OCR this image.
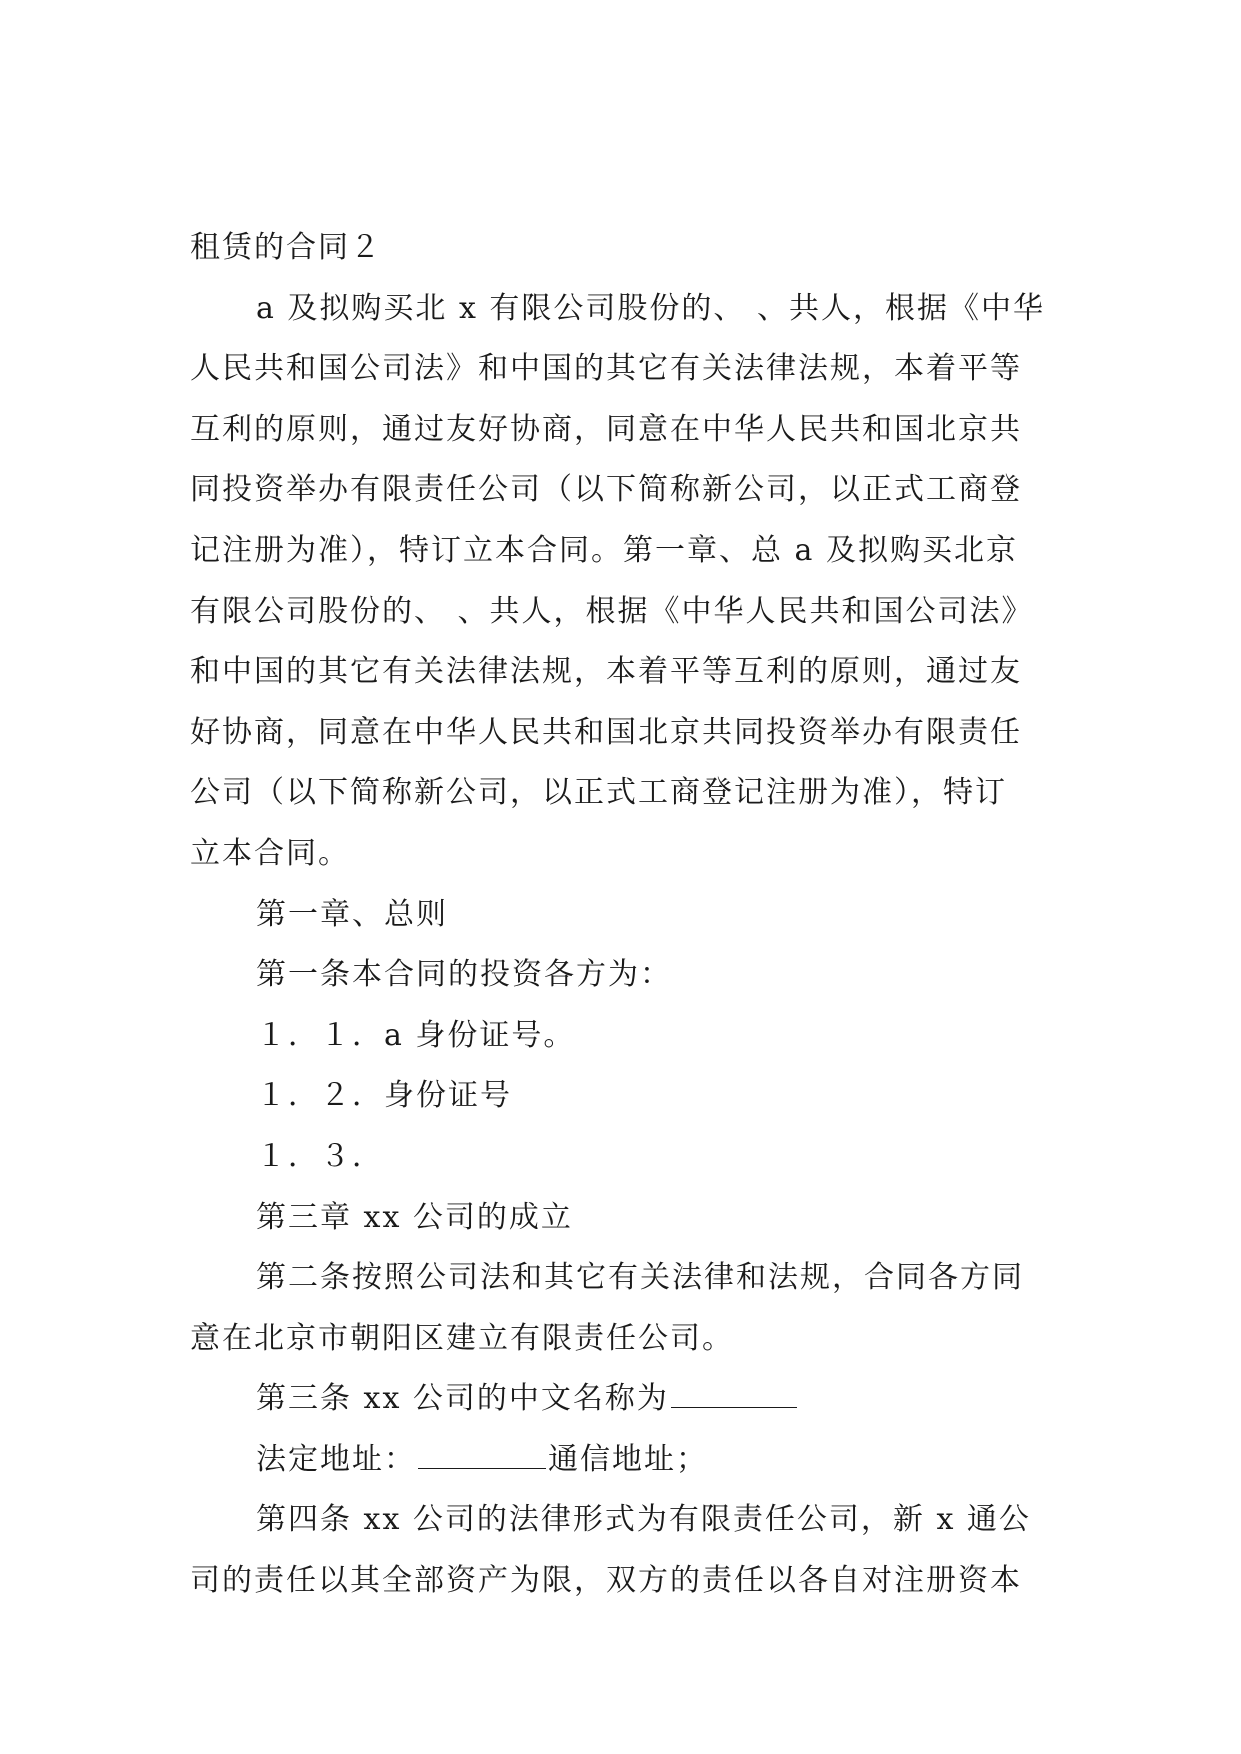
租赁的合同２
a 及拟购买北 x 有限公司股份的、 、共人，根据《中华
人民共和国公司法》和中国的其它有关法律法规，本着平等
互利的原则，通过友好协商，同意在中华人民共和国北京共
同投资举办有限责任公司（以下简称新公司，以正式工商登
记注册为准），特订立本合同。第一章、总 a 及拟购买北京
有限公司股份的、 、共人，根据《中华人民共和国公司法》
和中国的其它有关法律法规，本着平等互利的原则，通过友
好协商，同意在中华人民共和国北京共同投资举办有限责任
公司（以下简称新公司，以正式工商登记注册为准），特订
立本合同。
第一章、总则
第一条本合同的投资各方为：
１．１．a 身份证号。
１．２．身份证号
１．３．
第三章 xx 公司的成立
第二条按照公司法和其它有关法律和法规，合同各方同
意在北京市朝阳区建立有限责任公司。
第三条 xx 公司的中文名称为
法定地址：	通信地址；
第四条 xx 公司的法律形式为有限责任公司，新 x 通公
司的责任以其全部资产为限，双方的责任以各自对注册资本
